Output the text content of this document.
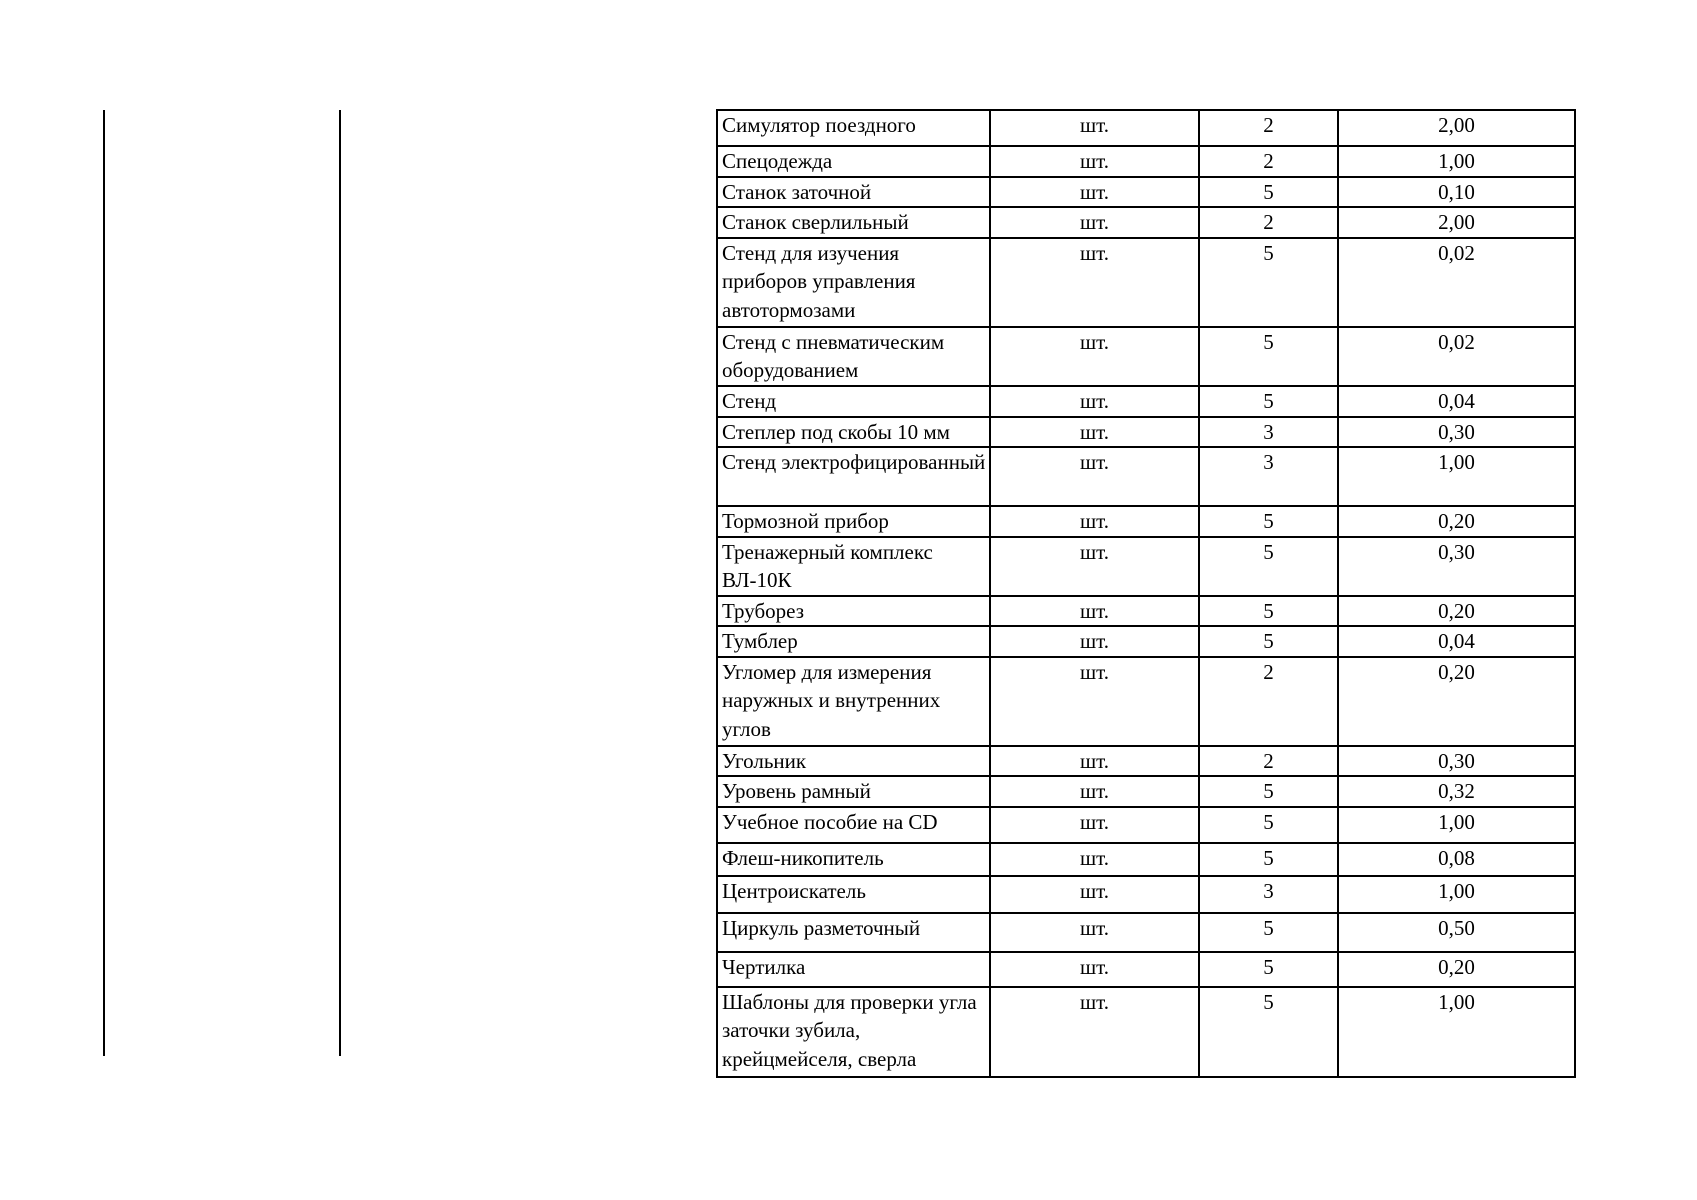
Симулятор поездного	шт.	2	2,00
Спецодежда	шт.	2	1,00
Станок заточной	шт.	5	0,10
Станок сверлильный	шт.	2	2,00
Стенд для изучения приборов управления автотормозами	шт.	5	0,02
Стенд с пневматическим оборудованием	шт.	5	0,02
Стенд	шт.	5	0,04
Степлер под скобы 10 мм	шт.	3	0,30
Стенд электрофицированный	шт.	3	1,00
Тормозной прибор	шт.	5	0,20
Тренажерный комплекс ВЛ-10К	шт.	5	0,30
Труборез	шт.	5	0,20
Тумблер	шт.	5	0,04
Угломер для измерения наружных и внутренних углов	шт.	2	0,20
Угольник	шт.	2	0,30
Уровень рамный	шт.	5	0,32
Учебное пособие на CD	шт.	5	1,00
Флеш-никопитель	шт.	5	0,08
Центроискатель	шт.	3	1,00
Циркуль разметочный	шт.	5	0,50
Чертилка	шт.	5	0,20
Шаблоны для проверки угла заточки зубила, крейцмейселя, сверла	шт.	5	1,00
